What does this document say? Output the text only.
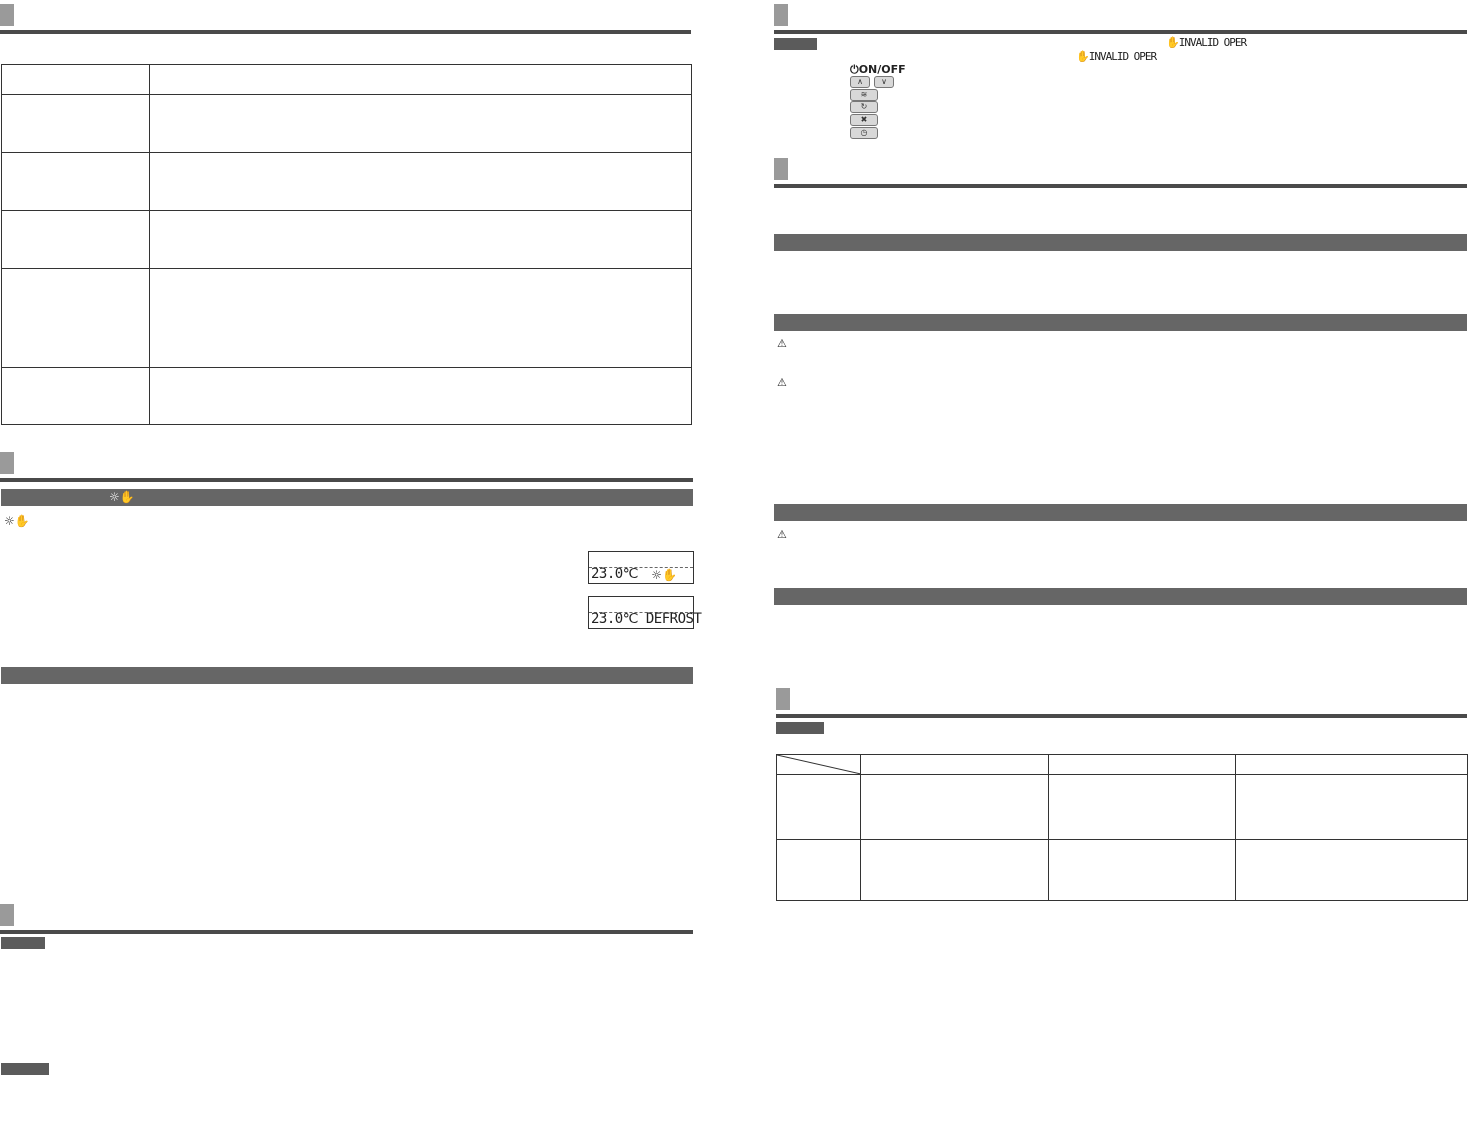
☼✋
☼✋
23.0℃ ☼✋
23.0℃ DEFROST
✋INVALID OPER
✋INVALID OPER
⏻ON/OFF
∧	∨
≋
↻
✖
◷
⚠
⚠
⚠
